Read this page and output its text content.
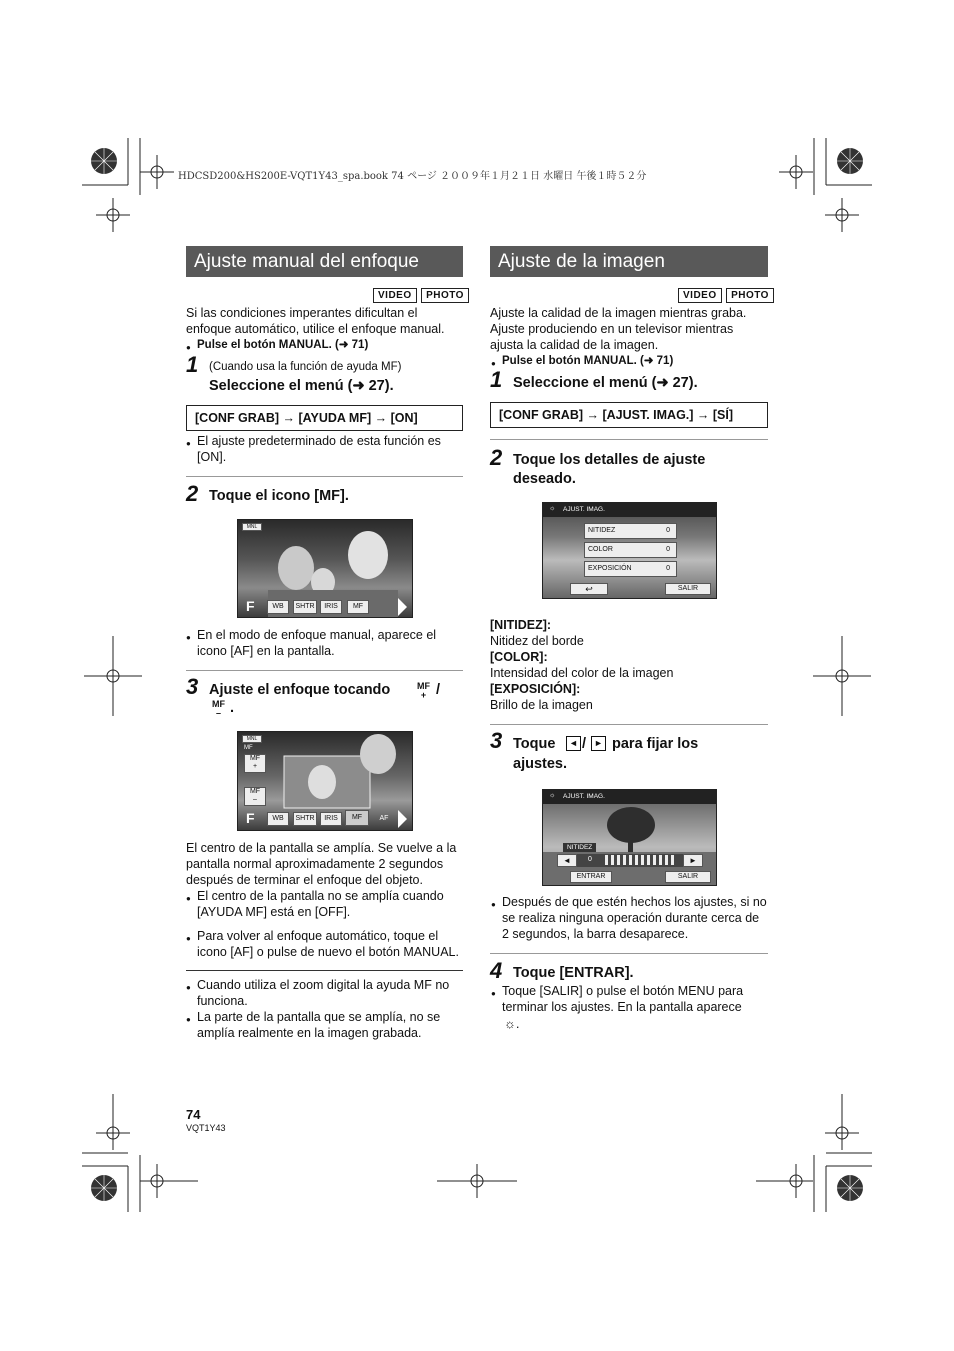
HDCSD200&HS200E-VQT1Y43_spa.book 74 ページ ２００９年１月２１日 水曜日 午後１時５２分
Ajuste manual del enfoque
VIDEO PHOTO
Si las condiciones imperantes dificultan el enfoque automático, utilice el enfoque manual.
● Pulse el botón MANUAL. (➜ 71)
1 (Cuando usa la función de ayuda MF)
Seleccione el menú (➜ 27).
[CONF GRAB] → [AYUDA MF] → [ON]
● El ajuste predeterminado de esta función es [ON].
2 Toque el icono [MF].
MNL
F	WB	SHTR	IRIS	MF
● En el modo de enfoque manual, aparece el icono [AF] en la pantalla.
3 Ajuste el enfoque tocando	MF
+ /
MF
– .
MNL
MF
MF
+
MF
–
F	WB	SHTR	IRIS	MF	AF
El centro de la pantalla se amplía. Se vuelve a la pantalla normal aproximadamente 2 segundos después de terminar el enfoque del objeto.
● El centro de la pantalla no se amplía cuando [AYUDA MF] está en [OFF].
● Para volver al enfoque automático, toque el icono [AF] o pulse de nuevo el botón MANUAL.
● Cuando utiliza el zoom digital la ayuda MF no funciona.
● La parte de la pantalla que se amplía, no se amplía realmente en la imagen grabada.
Ajuste de la imagen
VIDEO PHOTO
Ajuste la calidad de la imagen mientras graba. Ajuste produciendo en un televisor mientras ajusta la calidad de la imagen.
● Pulse el botón MANUAL. (➜ 71)
1 Seleccione el menú (➜ 27).
[CONF GRAB] → [AJUST. IMAG.] → [SÍ]
2 Toque los detalles de ajuste deseado.
☼ AJUST. IMAG.
NITIDEZ	0
COLOR	0
EXPOSICIÓN	0
↩	SALIR
[NITIDEZ]:
Nitidez del borde
[COLOR]:
Intensidad del color de la imagen
[EXPOSICIÓN]:
Brillo de la imagen
3 Toque	◄ / ► para fijar los
ajustes.
☼ AJUST. IMAG.
NITIDEZ
◄	0	►
ENTRAR	SALIR
● Después de que estén hechos los ajustes, si no se realiza ninguna operación durante cerca de 2 segundos, la barra desaparece.
4 Toque [ENTRAR].
● Toque [SALIR] o pulse el botón MENU para terminar los ajustes. En la pantalla aparece
☼.
74
VQT1Y43
